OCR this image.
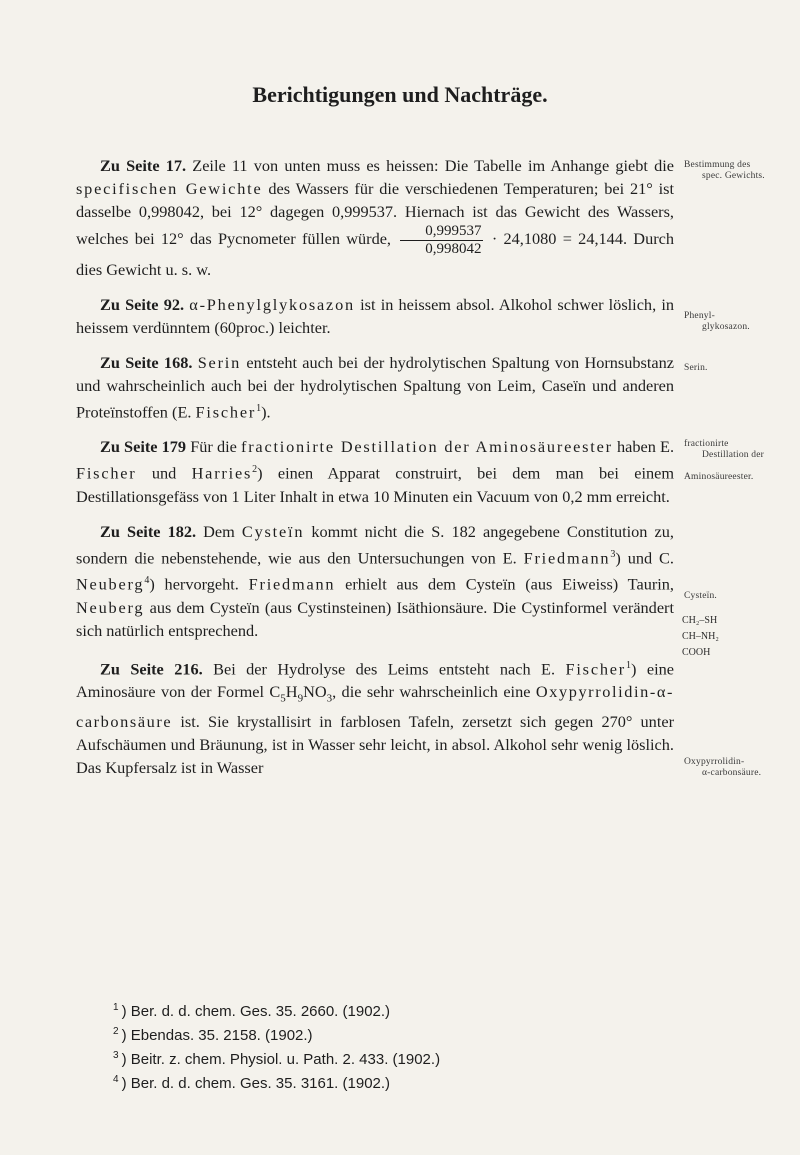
Berichtigungen und Nachträge.

Zu Seite 17. Zeile 11 von unten muss es heissen: Die Tabelle im Anhange giebt die specifischen Gewichte des Wassers für die verschiedenen Temperaturen; bei 21° ist dasselbe 0,998042, bei 12° dagegen 0,999537. Hiernach ist das Gewicht des Wassers, welches bei 12° das Pycnometer füllen würde, $\frac{0,999537}{0,998042} \cdot 24,1080 = 24,144$. Durch dies Gewicht u. s. w.

Zu Seite 92. α-Phenylglykosazon ist in heissem absol. Alkohol schwer löslich, in heissem verdünntem (60proc.) leichter.

Zu Seite 168. Serin entsteht auch bei der hydrolytischen Spaltung von Hornsubstanz und wahrscheinlich auch bei der hydrolytischen Spaltung von Leim, Caseïn und anderen Proteïnstoffen (E. Fischer$^1$).

Zu Seite 179 Für die fractionirte Destillation der Aminosäureester haben E. Fischer und Harries$^2$) einen Apparat construirt, bei dem man bei einem Destillationsgefäss von 1 Liter Inhalt in etwa 10 Minuten ein Vacuum von 0,2 mm erreicht.

Zu Seite 182. Dem Cysteïn kommt nicht die S. 182 angegebene Constitution zu, sondern die nebenstehende, wie aus den Untersuchungen von E. Friedmann$^3$) und C. Neuberg$^4$) hervorgeht. Friedmann erhielt aus dem Cysteïn (aus Eiweiss) Taurin, Neuberg aus dem Cysteïn (aus Cystinsteinen) Isäthionsäure. Die Cystinformel verändert sich natürlich entsprechend.

Zu Seite 216. Bei der Hydrolyse des Leims entsteht nach E. Fischer$^1$) eine Aminosäure von der Formel $C_5H_9NO_3$, die sehr wahrscheinlich eine Oxypyrrolidin-α-carbonsäure ist. Sie krystallisirt in farblosen Tafeln, zersetzt sich gegen 270° unter Aufschäumen und Bräunung, ist in Wasser sehr leicht, in absol. Alkohol sehr wenig löslich. Das Kupfersalz ist in Wasser

Bestimmung des

spec. Gewichts.
Phenyl-

glykosazon.
Serin.
fractionirte

Destillation der

Aminosäureester.
Cysteïn.
CH₂–SH
CH–NH₂
COOH
Oxypyrrolidin-

α-carbonsäure.

$^1$ ) Ber. d. d. chem. Ges. 35. 2660. (1902.)

$^2$ ) Ebendas. 35. 2158. (1902.)

$^3$ ) Beitr. z. chem. Physiol. u. Path. 2. 433. (1902.)

$^4$ ) Ber. d. d. chem. Ges. 35. 3161. (1902.)
